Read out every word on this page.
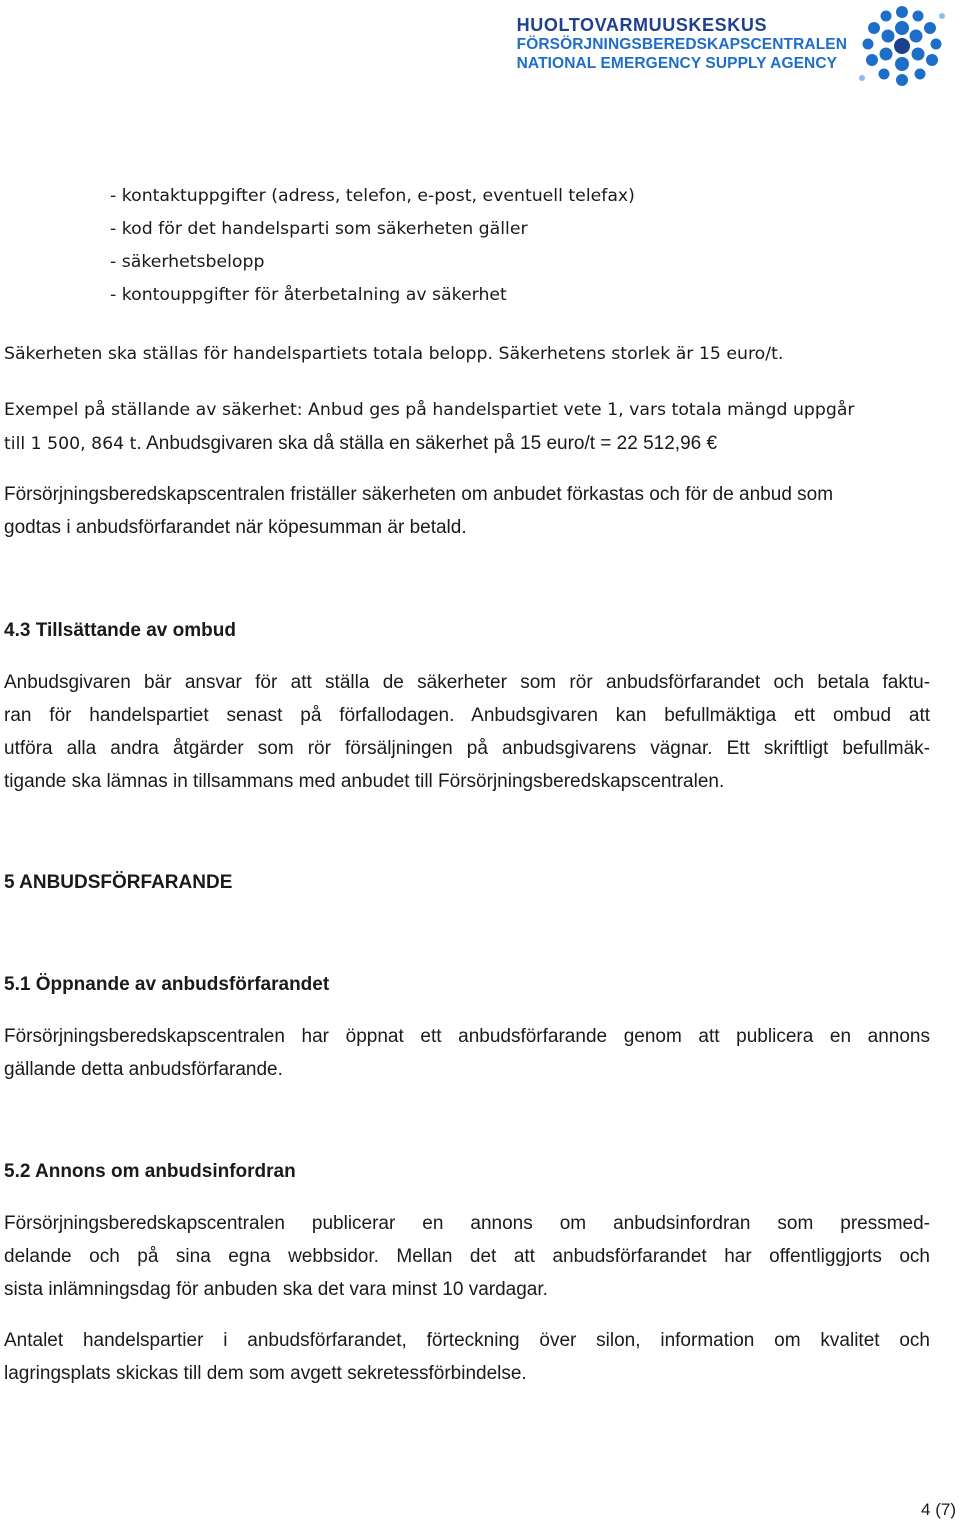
HUOLTOVARMUUSKESKUS
FÖRSÖRJNINGSBEREDSKAPSCENTRALEN
NATIONAL EMERGENCY SUPPLY AGENCY
- kontaktuppgifter (adress, telefon, e-post, eventuell telefax)
- kod för det handelsparti som säkerheten gäller
- säkerhetsbelopp
- kontouppgifter för återbetalning av säkerhet
Säkerheten ska ställas för handelspartiets totala belopp. Säkerhetens storlek är 15 euro/t.
Exempel på ställande av säkerhet: Anbud ges på handelspartiet vete 1, vars totala mängd uppgår
till 1 500, 864 t. Anbudsgivaren ska då ställa en säkerhet på 15 euro/t = 22 512,96 €
Försörjningsberedskapscentralen friställer säkerheten om anbudet förkastas och för de anbud som
godtas i anbudsförfarandet när köpesumman är betald.
4.3 Tillsättande av ombud
Anbudsgivaren bär ansvar för att ställa de säkerheter som rör anbudsförfarandet och betala faktu-
ran för handelspartiet senast på förfallodagen. Anbudsgivaren kan befullmäktiga ett ombud att
utföra alla andra åtgärder som rör försäljningen på anbudsgivarens vägnar. Ett skriftligt befullmäk-
tigande ska lämnas in tillsammans med anbudet till Försörjningsberedskapscentralen.
5 ANBUDSFÖRFARANDE
5.1 Öppnande av anbudsförfarandet
Försörjningsberedskapscentralen har öppnat ett anbudsförfarande genom att publicera en annons
gällande detta anbudsförfarande.
5.2 Annons om anbudsinfordran
Försörjningsberedskapscentralen publicerar en annons om anbudsinfordran som pressmed-
delande och på sina egna webbsidor. Mellan det att anbudsförfarandet har offentliggjorts och
sista inlämningsdag för anbuden ska det vara minst 10 vardagar.
Antalet handelspartier i anbudsförfarandet, förteckning över silon, information om kvalitet och
lagringsplats skickas till dem som avgett sekretessförbindelse.
4 (7)
